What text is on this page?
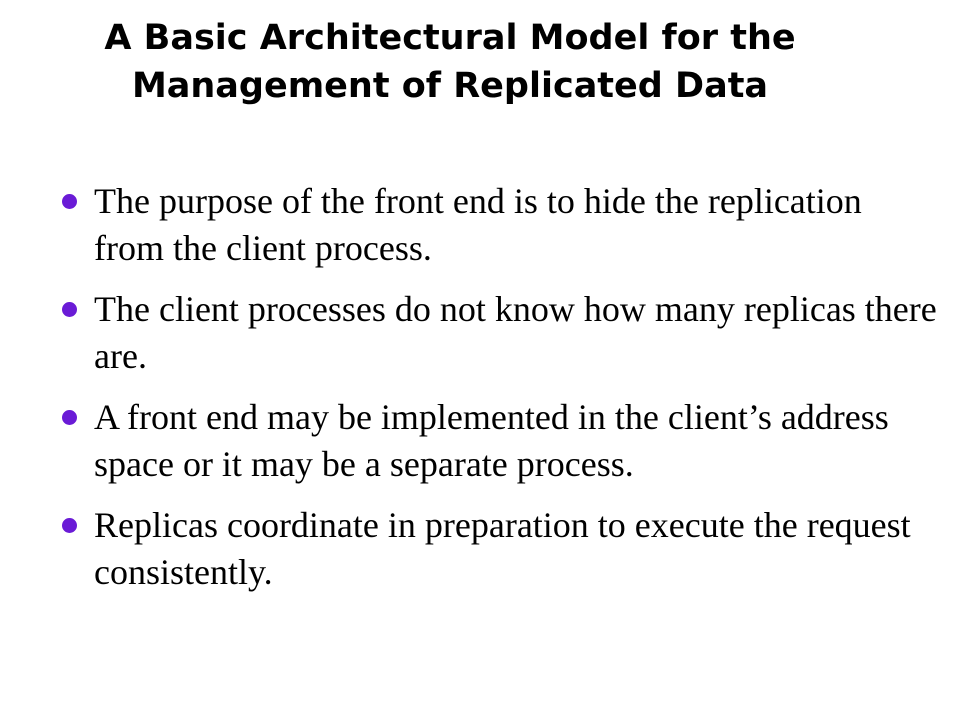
A Basic Architectural Model for the Management of Replicated Data
The purpose of the front end is to hide the replication from the client process.
The client processes do not know how many replicas there are.
A front end may be implemented in the client’s address space or it may be a separate process.
Replicas coordinate in preparation to execute the request consistently.
